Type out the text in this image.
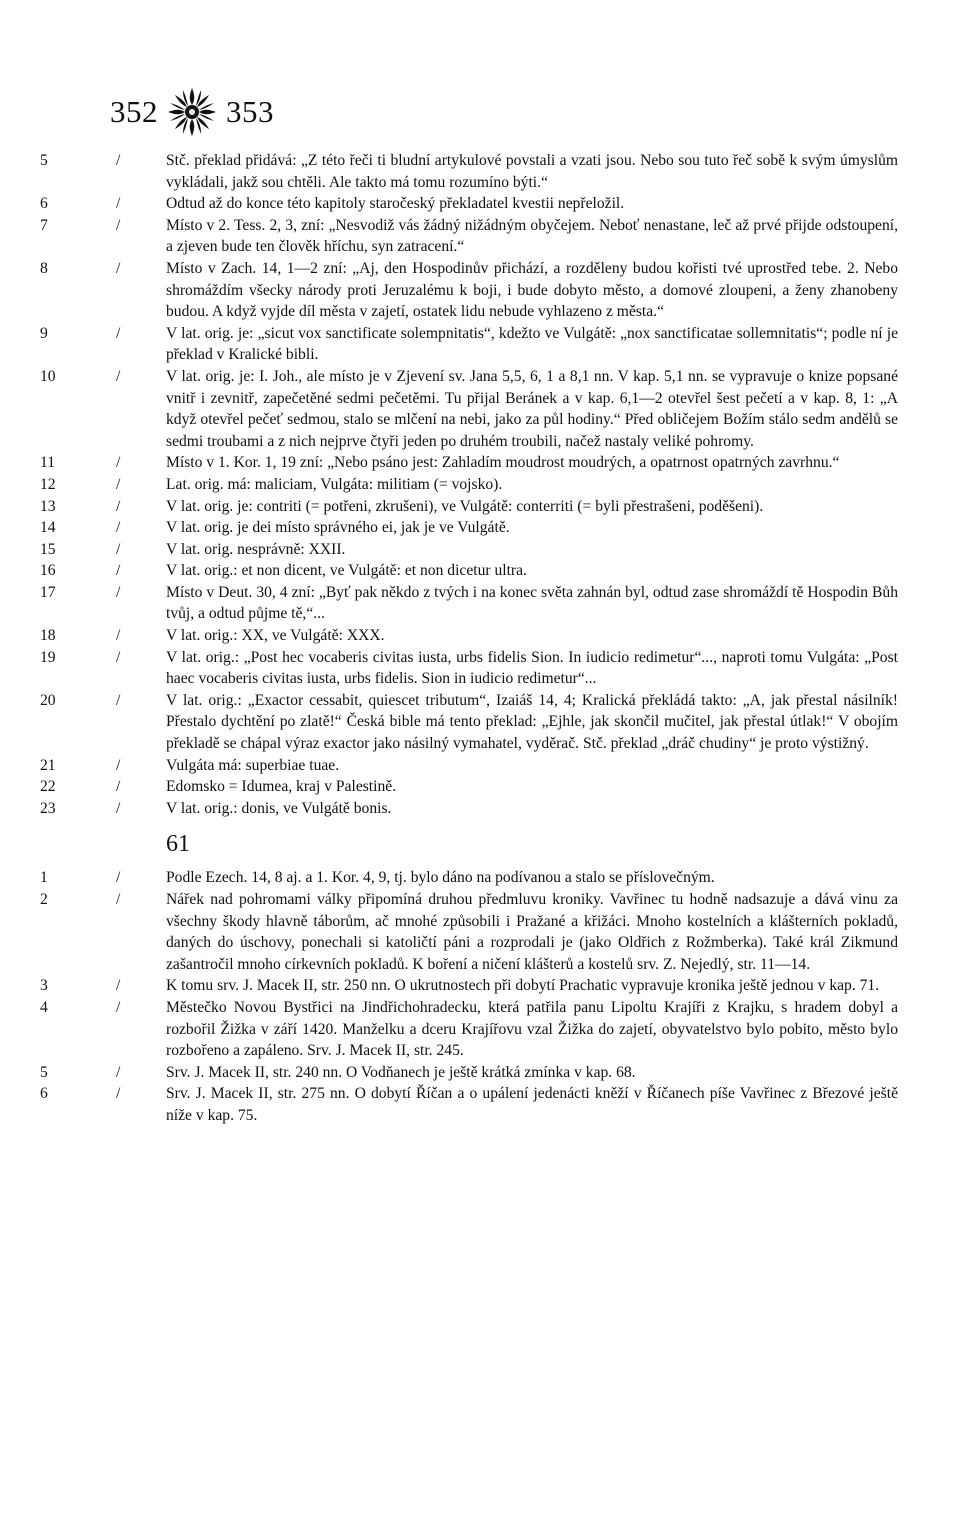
352 353
5	/	Stč. překlad přidává: „Z této řeči ti bludní artykulové povstali a vzati jsou. Nebo sou tuto řeč sobě k svým úmyslům vykládali, jakž sou chtěli. Ale takto má tomu rozumíno býti.“
6	/	Odtud až do konce této kapitoly staročeský překladatel kvestii nepřeložil.
7	/	Místo v 2. Tess. 2, 3, zní: „Nesvodiž vás žádný nižádným obyčejem. Neboť nenastane, leč až prvé přijde odstoupení, a zjeven bude ten člověk hříchu, syn zatracení.“
8	/	Místo v Zach. 14, 1—2 zní: „Aj, den Hospodinův přichází, a rozděleny budou kořisti tvé uprostřed tebe. 2. Nebo shromáždím všecky národy proti Jeruzalému k boji, i bude dobyto město, a domové zloupeni, a ženy zhanobeny budou. A když vyjde díl města v zajetí, ostatek lidu nebude vyhlazeno z města.“
9	/	V lat. orig. je: „sicut vox sanctificate solempnitatis“, kdežto ve Vulgátě: „nox sanctificatae sollemnitatis“; podle ní je překlad v Kralické bibli.
10	/	V lat. orig. je: I. Joh., ale místo je v Zjevení sv. Jana 5,5, 6, 1 a 8,1 nn. V kap. 5,1 nn. se vypravuje o knize popsané vnitř i zevnitř, zapečetěné sedmi pečetěmi. Tu přijal Beránek a v kap. 6,1—2 otevřel šest pečetí a v kap. 8, 1: „A když otevřel pečeť sedmou, stalo se mlčení na nebi, jako za půl hodiny.“ Před obličejem Božím stálo sedm andělů se sedmi troubami a z nich nejprve čtyři jeden po druhém troubili, načež nastaly veliké pohromy.
11	/	Místo v 1. Kor. 1, 19 zní: „Nebo psáno jest: Zahladím moudrost moudrých, a opatrnost opatrných zavrhnu.“
12	/	Lat. orig. má: maliciam, Vulgáta: militiam (= vojsko).
13	/	V lat. orig. je: contriti (= potřeni, zkrušeni), ve Vulgátě: conterriti (= byli přestrašeni, poděšeni).
14	/	V lat. orig. je dei místo správného ei, jak je ve Vulgátě.
15	/	V lat. orig. nesprávně: XXII.
16	/	V lat. orig.: et non dicent, ve Vulgátě: et non dicetur ultra.
17	/	Místo v Deut. 30, 4 zní: „Byť pak někdo z tvých i na konec světa zahnán byl, odtud zase shromáždí tě Hospodin Bůh tvůj, a odtud půjme tě,“...
18	/	V lat. orig.: XX, ve Vulgátě: XXX.
19	/	V lat. orig.: „Post hec vocaberis civitas iusta, urbs fidelis Sion. In iudicio redimetur“..., naproti tomu Vulgáta: „Post haec vocaberis civitas iusta, urbs fidelis. Sion in iudicio redimetur“...
20	/	V lat. orig.: „Exactor cessabit, quiescet tributum“, Izaiáš 14, 4; Kralická překládá takto: „A, jak přestal násilník! Přestalo dychtění po zlatě!“ Česká bible má tento překlad: „Ejhle, jak skončil mučitel, jak přestal útlak!“ V obojím překladě se chápal výraz exactor jako násilný vymahatel, vyděrač. Stč. překlad „dráč chudiny“ je proto výstižný.
21	/	Vulgáta má: superbiae tuae.
22	/	Edomsko = Idumea, kraj v Palestině.
23	/	V lat. orig.: donis, ve Vulgátě bonis.
61
1	/	Podle Ezech. 14, 8 aj. a 1. Kor. 4, 9, tj. bylo dáno na podívanou a stalo se příslovečným.
2	/	Nářek nad pohromami války připomíná druhou předmluvu kroniky. Vavřinec tu hodně nadsazuje a dává vinu za všechny škody hlavně táborům, ač mnohé způsobili i Pražané a křižáci. Mnoho kostelních a klášterních pokladů, daných do úschovy, ponechali si katoličtí páni a rozprodali je (jako Oldřich z Rožmberka). Také král Zikmund zašantročil mnoho církevních pokladů. K boření a ničení klášterů a kostelů srv. Z. Nejedlý, str. 11—14.
3	/	K tomu srv. J. Macek II, str. 250 nn. O ukrutnostech při dobytí Prachatic vypravuje kronika ještě jednou v kap. 71.
4	/	Městečko Novou Bystřici na Jindřichohradecku, která patřila panu Lipoltu Krajíři z Krajku, s hradem dobyl a rozbořil Žižka v září 1420. Manželku a dceru Krajířovu vzal Žižka do zajetí, obyvatelstvo bylo pobito, město bylo rozbořeno a zapáleno. Srv. J. Macek II, str. 245.
5	/	Srv. J. Macek II, str. 240 nn. O Vodňanech je ještě krátká zmínka v kap. 68.
6	/	Srv. J. Macek II, str. 275 nn. O dobytí Říčan a o upálení jedenácti kněží v Říčanech píše Vavřinec z Březové ještě níže v kap. 75.
